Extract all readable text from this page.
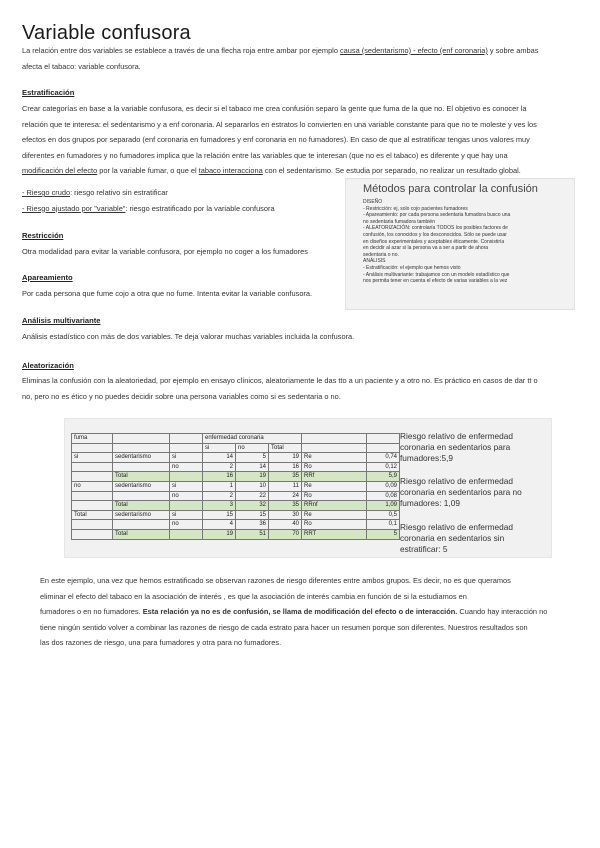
Variable confusora
La relación entre dos variables se establece a través de una flecha roja entre ambar por ejemplo causa (sedentarismo) - efecto (enf coronaria) y sobre ambas
afecta el tabaco: variable confusora.
Estratificación
Crear categorías en base a la variable confusora, es decir si el tabaco me crea confusión separo la gente que fuma de la que no. El objetivo es conocer la
relación que te interesa: el sedentarismo y a enf coronaria. Al separarlos en estratos lo convierten en una variable constante para que no te moleste y ves los
efectos en dos grupos por separado (enf coronaria en fumadores y enf coronaria en no fumadores). En caso de que al estratificar tengas unos valores muy
diferentes en fumadores y no fumadores implica que la relación entre las variables que te interesan (que no es el tabaco) es diferente y que hay una
modificación del efecto por la variable fumar, o que el tabaco interacciona con el sedentarismo. Se estudia por separado, no realizar un resultado global.
- Riesgo crudo: riesgo relativo sin estratificar
- Riesgo ajustado por "variable": riesgo estratificado por la variable confusora
Métodos para controlar la confusión
DISEÑO
- Restricción: ej, solo cojo pacientes fumadores
- Apareamiento: por cada persona sedentaria fumadora busco una
no sedentaria fumadora también
- ALEATORIZACIÓN: controlaría TODOS los posibles factores de
confusión, los conocidos y los desconocidos. Sólo se puede usar
en diseños experimentales y aceptables éticamente. Consistiría
en decidir al azar si la persona va a ser a partir de ahora
sedentaria o no.
ANÁLISIS
- Estratificación: el ejemplo que hemos visto
- Análisis multivariante: trabajamos con un modelo estadístico que
nos permita tener en cuenta el efecto de varias variables a la vez
Restricción
Otra modalidad para evitar la variable confusora, por ejemplo no coger a los fumadores
Apareamiento
Por cada persona que fume cojo a otra que no fume. Intenta evitar la variable confusora.
Análisis multivariante
Análisis estadístico con más de dos variables. Te deja valorar muchas variables incluida la confusora.
Aleatorización
Eliminas la confusión con la aleatoriedad, por ejemplo en ensayo clínicos, aleatoriamente le das tto a un paciente y a otro no. Es práctico en casos de dar tt o
no, pero no es ético y no puedes decidir sobre una persona variables como si es sedentaria o no.
fuma			enfermedad coronaria				
			si	no	Total		
si	sedentarismo	si	14	5	19	Re	0,74
		no	2	14	16	Ro	0,12
	Total		16	19	35	RRf	5,9
no	sedentarismo	si	1	10	11	Re	0,09
		no	2	22	24	Ro	0,08
	Total		3	32	35	RRnf	1,09
Total	sedentarismo	si	15	15	30	Re	0,5
		no	4	36	40	Ro	0,1
	Total		19	51	70	RRT	5
Riesgo relativo de enfermedad
coronaria en sedentarios para
fumadores:5,9
Riesgo relativo de enfermedad
coronaria en sedentarios para no
fumadores: 1,09
Riesgo relativo de enfermedad
coronaria en sedentarios sin
estratificar: 5
En este ejemplo, una vez que hemos estratificado se observan razones de riesgo diferentes entre ambos grupos. Es decir, no es que queramos
eliminar el efecto del tabaco en la asociación de interés , es que la asociación de interés cambia en función de si la estudiamos en
fumadores o en no fumadores. Esta relación ya no es de confusión, se llama de modificación del efecto o de interacción. Cuando hay interacción no
tiene ningún sentido volver a combinar las razones de riesgo de cada estrato para hacer un resumen porque son diferentes. Nuestros resultados son
las dos razones de riesgo, una para fumadores y otra para no fumadores.
